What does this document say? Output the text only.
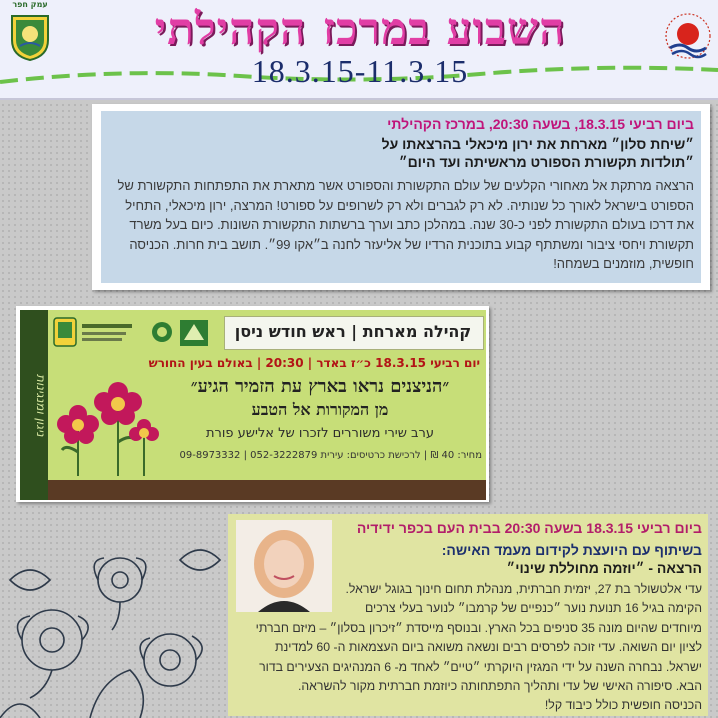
השבוע במרכז הקהילתי
18.3.15-11.3.15
עמק חפר
ביום רביעי 18.3.15, בשעה 20:30, במרכז הקהילתי
״שיחת סלון״ מארחת את ירון מיכאלי בהרצאתו על
״תולדות תקשורת הספורט מראשיתה ועד היום״
הרצאה מרתקת אל מאחורי הקלעים של עולם התקשורת והספורט אשר מתארת את התפתחות התקשורת של הספורט בישראל לאורך כל שנותיה. לא רק לגברים ולא רק לשרופים על ספורט! המרצה, ירון מיכאלי, התחיל את דרכו בעולם התקשורת לפני כ-30 שנה. במהלכן כתב וערך ברשתות התקשורת השונות. כיום בעל משרד תקשורת ויחסי ציבור ומשתתף קבוע בתוכנית הרדיו של אליעזר לחנה ב״אקו 99״. תושב בית חרות. הכניסה חופשית, מוזמנים בשמחה!
ניגון ומנגינות
קהילה מארחת | ראש חודש ניסן
יום רביעי 18.3.15 כ״ז באדר | 20:30 | באולם בעין החורש
״הניצנים נראו בארץ עת הזמיר הגיע״
מן המקורות אל הטבע
ערב שירי משוררים לזכרו של אלישע פורת
מחיר: 40 ₪ | לרכישת כרטיסים: עירית 052-3222879 | 09-8973332
ביום רביעי 18.3.15 בשעה 20:30 בבית העם בכפר ידידיה
בשיתוף עם היועצת לקידום מעמד האישה:
הרצאה - ״יוזמה מחוללת שינוי״
עדי אלטשולר בת 27, יזמית חברתית, מנהלת תחום חינוך בגוגל ישראל. הקימה בגיל 16 תנועת נוער ״כנפיים של קרמבו״ לנוער בעלי צרכים מיוחדים שהיום מונה 35 סניפים בכל הארץ. ובנוסף מייסדת ״זיכרון בסלון״ – מיזם חברתי לציון יום השואה. עדי זוכה לפרסים רבים ונשאה משואה ביום העצמאות ה- 60 למדינת ישראל. נבחרה השנה על ידי המגזין היוקרתי ״טיים״ לאחד מ- 6 המנהיגים הצעירים בדור הבא. סיפורה האישי של עדי ותהליך התפתחותה כיוזמת חברתית מקור להשראה.
הכניסה חופשית כולל כיבוד קל!
